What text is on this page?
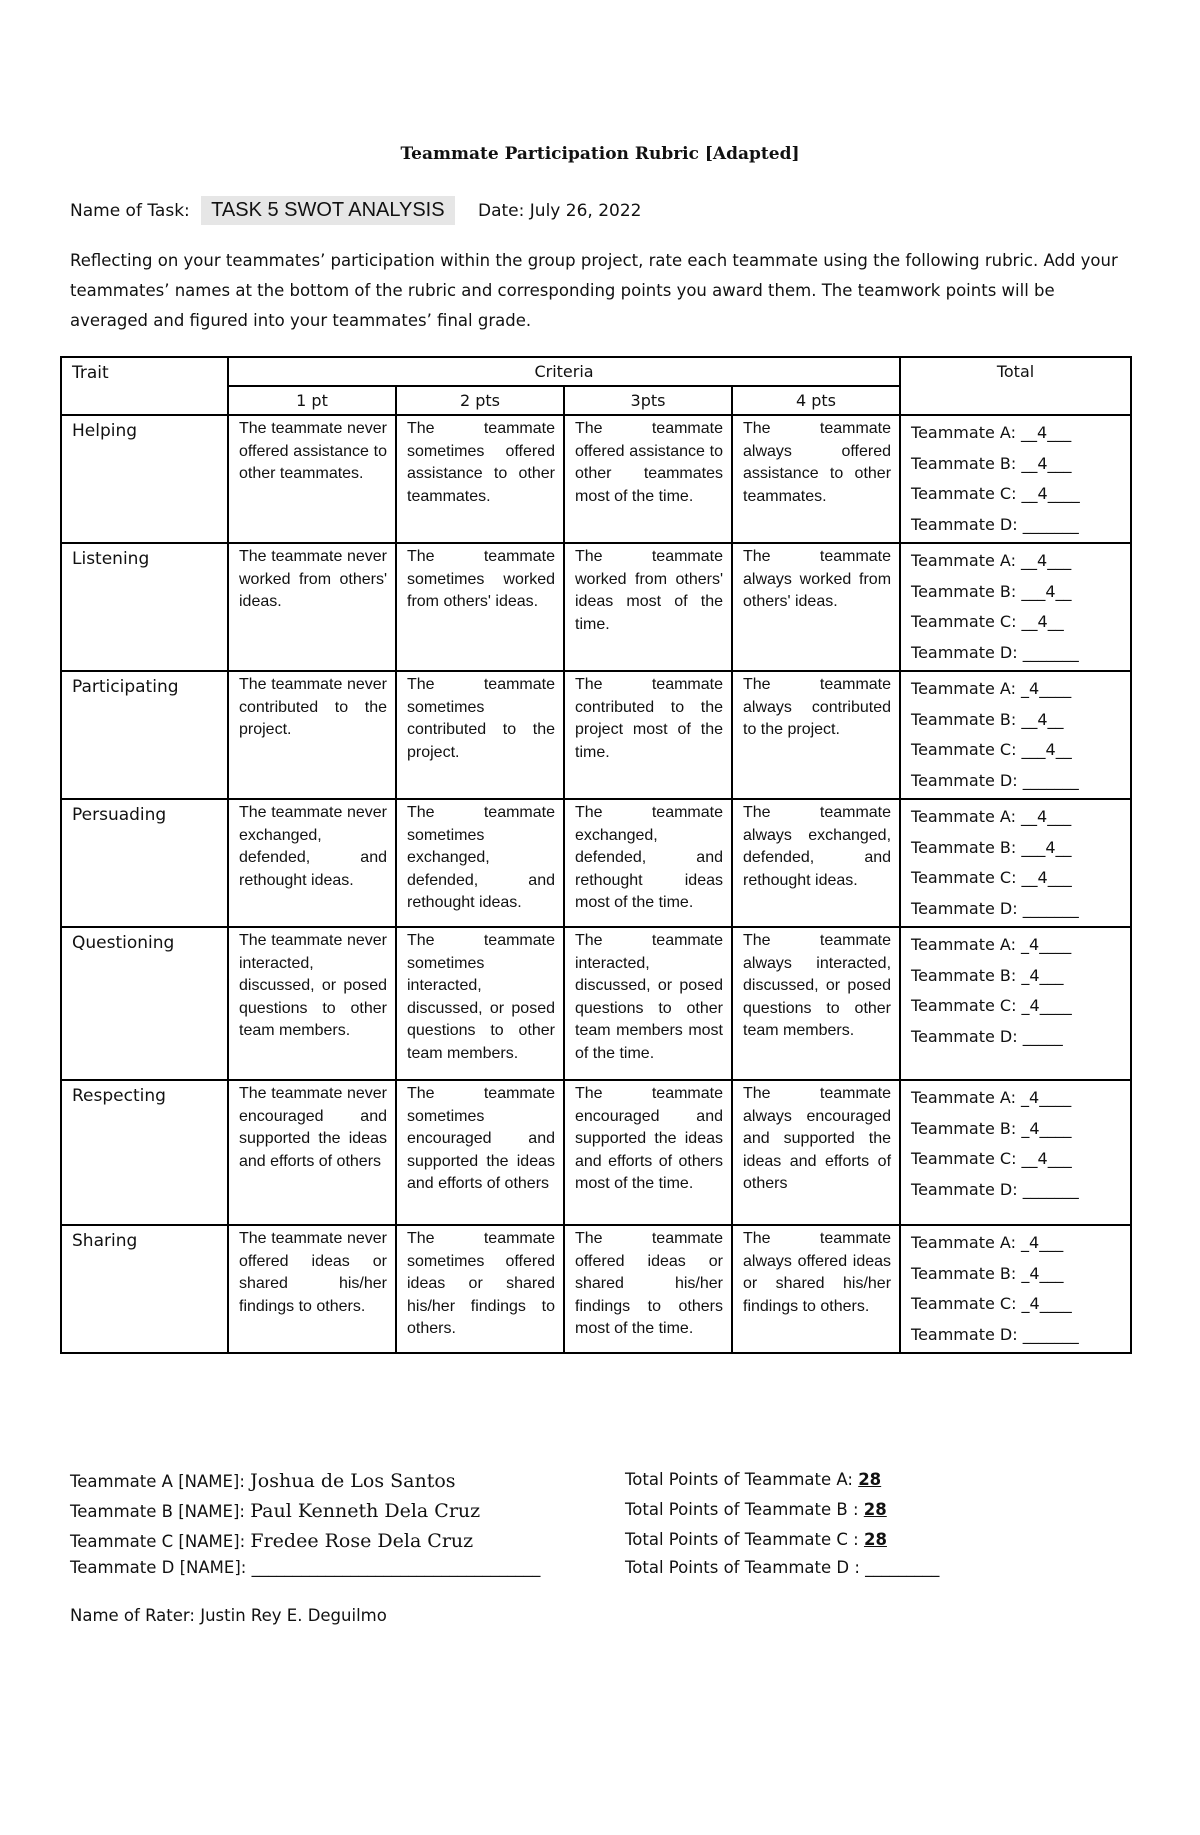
Teammate Participation Rubric [Adapted]
Name of Task: TASK 5 SWOT ANALYSIS Date: July 26, 2022
Reflecting on your teammates’ participation within the group project, rate each teammate using the following rubric. Add your teammates’ names at the bottom of the rubric and corresponding points you award them. The teamwork points will be averaged and figured into your teammates’ final grade.
Trait	Criteria				Total
	1 pt	2 pts	3pts	4 pts	
Helping	The teammate never offered assistance to other teammates.	The teammate sometimes offered assistance to other teammates.	The teammate offered assistance to other teammates most of the time.	The teammate always offered assistance to other teammates.	Teammate A: __4___
Teammate B: __4___
Teammate C: __4____
Teammate D: _______

Listening	The teammate never worked from others' ideas.	The teammate sometimes worked from others' ideas.	The teammate worked from others' ideas most of the time.	The teammate always worked from others' ideas.	Teammate A: __4___
Teammate B: ___4__
Teammate C: __4__
Teammate D: _______

Participating	The teammate never contributed to the project.	The teammate sometimes contributed to the project.	The teammate contributed to the project most of the time.	The teammate always contributed to the project.	Teammate A: _4____
Teammate B: __4__
Teammate C: ___4__
Teammate D: _______

Persuading	The teammate never exchanged, defended, and rethought ideas.	The teammate sometimes exchanged, defended, and rethought ideas.	The teammate exchanged, defended, and rethought ideas most of the time.	The teammate always exchanged, defended, and rethought ideas.	Teammate A: __4___
Teammate B: ___4__
Teammate C: __4___
Teammate D: _______

Questioning	The teammate never interacted, discussed, or posed questions to other team members.	The teammate sometimes interacted, discussed, or posed questions to other team members.	The teammate interacted, discussed, or posed questions to other team members most of the time.	The teammate always interacted, discussed, or posed questions to other team members.	Teammate A: _4____
Teammate B: _4___
Teammate C: _4____
Teammate D: _____

Respecting	The teammate never encouraged and supported the ideas and efforts of others	The teammate sometimes encouraged and supported the ideas and efforts of others	The teammate encouraged and supported the ideas and efforts of others most of the time.	The teammate always encouraged and supported the ideas and efforts of others	Teammate A: _4____
Teammate B: _4____
Teammate C: __4___
Teammate D: _______

Sharing	The teammate never offered ideas or shared his/her findings to others.	The teammate sometimes offered ideas or shared his/her findings to others.	The teammate offered ideas or shared his/her findings to others most of the time.	The teammate always offered ideas or shared his/her findings to others.	Teammate A: _4___
Teammate B: _4___
Teammate C: _4____
Teammate D: _______
Teammate A [NAME]: Joshua de Los Santos	Total Points of Teammate A: 28
Teammate B [NAME]: Paul Kenneth Dela Cruz	Total Points of Teammate B : 28
Teammate C [NAME]: Fredee Rose Dela Cruz	Total Points of Teammate C : 28
Teammate D [NAME]: ___________________________________	Total Points of Teammate D : _________
Name of Rater: Justin Rey E. Deguilmo
